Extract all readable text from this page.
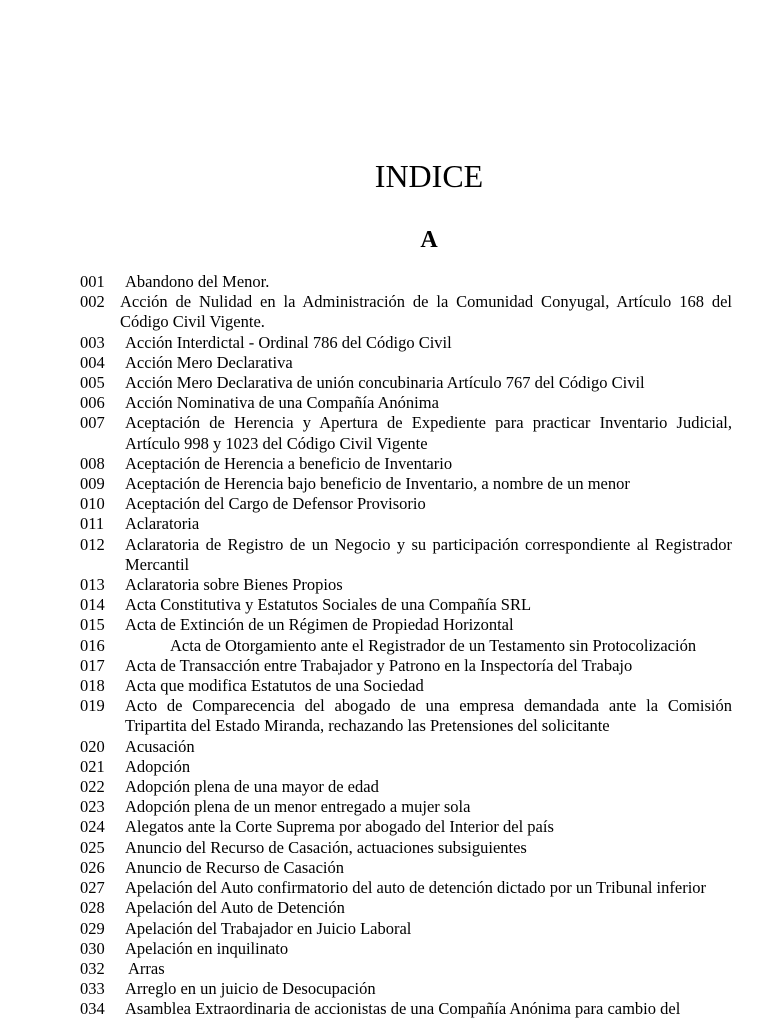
INDICE
A
001	Abandono del Menor.
002 Acción de Nulidad en la Administración de la Comunidad Conyugal, Artículo 168 del Código Civil Vigente.
003	Acción Interdictal - Ordinal 786 del Código Civil
004	Acción Mero Declarativa
005	Acción Mero Declarativa de unión concubinaria Artículo 767 del Código Civil
006	Acción Nominativa de una Compañía Anónima
007	Aceptación de Herencia y Apertura de Expediente para practicar Inventario Judicial, Artículo 998 y 1023 del Código Civil Vigente
008	Aceptación de Herencia a beneficio de Inventario
009	Aceptación de Herencia bajo beneficio de Inventario, a nombre de un menor
010	Aceptación del Cargo de Defensor Provisorio
011	Aclaratoria
012	Aclaratoria de Registro de un Negocio y su participación correspondiente al Registrador Mercantil
013	Aclaratoria sobre Bienes Propios
014	Acta Constitutiva y Estatutos Sociales de una Compañía SRL
015	Acta de Extinción de un Régimen de Propiedad Horizontal
016	Acta de Otorgamiento ante el Registrador de un Testamento sin Protocolización
017	Acta de Transacción entre Trabajador y Patrono en la Inspectoría del Trabajo
018	Acta que modifica Estatutos de una Sociedad
019	Acto de Comparecencia del abogado de una empresa demandada ante la Comisión Tripartita del Estado Miranda, rechazando las Pretensiones del solicitante
020	Acusación
021	Adopción
022	Adopción plena de una mayor de edad
023	Adopción plena de un menor entregado a mujer sola
024	Alegatos ante la Corte Suprema por abogado del Interior del país
025	Anuncio del Recurso de Casación, actuaciones subsiguientes
026	Anuncio de Recurso de Casación
027	Apelación del Auto confirmatorio del auto de detención dictado por un Tribunal inferior
028	Apelación del Auto de Detención
029	Apelación del Trabajador en Juicio Laboral
030	Apelación en inquilinato
032	Arras
033	Arreglo en un juicio de Desocupación
034	Asamblea Extraordinaria de accionistas de una Compañía Anónima para cambio del
